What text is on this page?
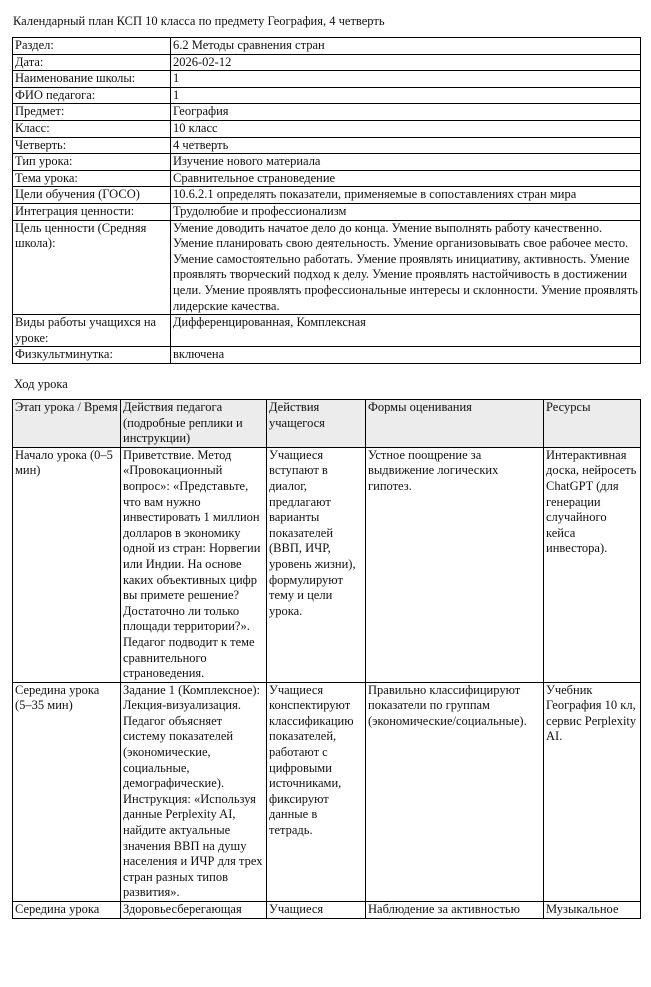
Календарный план КСП 10 класса по предмету География, 4 четверть
Раздел:	6.2 Методы сравнения стран
Дата:	2026-02-12
Наименование школы:	1
ФИО педагога:	1
Предмет:	География
Класс:	10 класс
Четверть:	4 четверть
Тип урока:	Изучение нового материала
Тема урока:	Сравнительное страноведение
Цели обучения (ГОСО)	10.6.2.1 определять показатели, применяемые в сопоставлениях стран мира
Интеграция ценности:	Трудолюбие и профессионализм
Цель ценности (Средняя школа):	Умение доводить начатое дело до конца. Умение выполнять работу качественно. Умение планировать свою деятельность. Умение организовывать свое рабочее место. Умение самостоятельно работать. Умение проявлять инициативу, активность. Умение проявлять творческий подход к делу. Умение проявлять настойчивость в достижении цели. Умение проявлять профессиональные интересы и склонности. Умение проявлять лидерские качества.
Виды работы учащихся на уроке:	Дифференцированная, Комплексная
Физкультминутка:	включена
Ход урока
Этап урока / Время	Действия педагога (подробные реплики и инструкции)	Действия учащегося	Формы оценивания	Ресурсы
Начало урока (0–5 мин)	Приветствие. Метод «Провокационный вопрос»: «Представьте, что вам нужно инвестировать 1 миллион долларов в экономику одной из стран: Норвегии или Индии. На основе каких объективных цифр вы примете решение? Достаточно ли только площади территории?». Педагог подводит к теме сравнительного страноведения.	Учащиеся вступают в диалог, предлагают варианты показателей (ВВП, ИЧР, уровень жизни), формулируют тему и цели урока.	Устное поощрение за выдвижение логических гипотез.	Интерактивная доска, нейросеть ChatGPT (для генерации случайного кейса инвестора).
Середина урока (5–35 мин)	Задание 1 (Комплексное): Лекция-визуализация. Педагог объясняет систему показателей (экономические, социальные, демографические). Инструкция: «Используя данные Perplexity AI, найдите актуальные значения ВВП на душу населения и ИЧР для трех стран разных типов развития».	Учащиеся конспектируют классификацию показателей, работают с цифровыми источниками, фиксируют данные в тетрадь.	Правильно классифицируют показатели по группам (экономические/социальные).	Учебник География 10 кл, сервис Perplexity AI.
Середина урока	Здоровьесберегающая	Учащиеся	Наблюдение за активностью	Музыкальное
